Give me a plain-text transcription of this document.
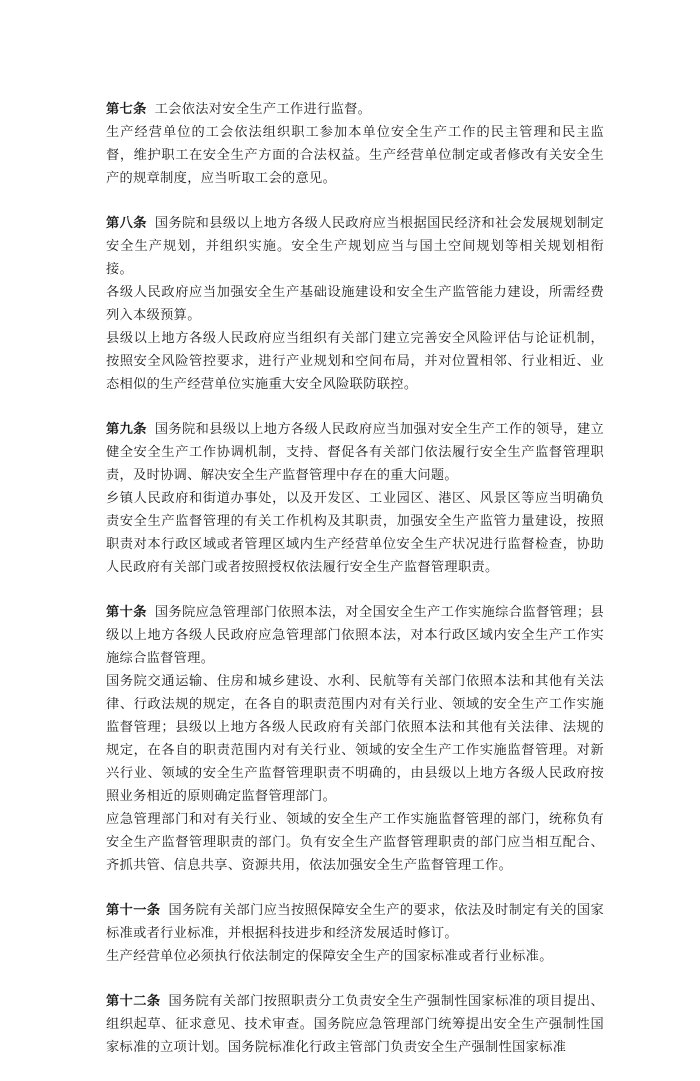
第七条 工会依法对安全生产工作进行监督。

生产经营单位的工会依法组织职工参加本单位安全生产工作的民主管理和民主监督，维护职工在安全生产方面的合法权益。生产经营单位制定或者修改有关安全生产的规章制度，应当听取工会的意见。

第八条 国务院和县级以上地方各级人民政府应当根据国民经济和社会发展规划制定安全生产规划，并组织实施。安全生产规划应当与国土空间规划等相关规划相衔接。

各级人民政府应当加强安全生产基础设施建设和安全生产监管能力建设，所需经费列入本级预算。

县级以上地方各级人民政府应当组织有关部门建立完善安全风险评估与论证机制，按照安全风险管控要求，进行产业规划和空间布局，并对位置相邻、行业相近、业态相似的生产经营单位实施重大安全风险联防联控。

第九条 国务院和县级以上地方各级人民政府应当加强对安全生产工作的领导，建立健全安全生产工作协调机制，支持、督促各有关部门依法履行安全生产监督管理职责，及时协调、解决安全生产监督管理中存在的重大问题。

乡镇人民政府和街道办事处，以及开发区、工业园区、港区、风景区等应当明确负责安全生产监督管理的有关工作机构及其职责，加强安全生产监管力量建设，按照职责对本行政区域或者管理区域内生产经营单位安全生产状况进行监督检查，协助人民政府有关部门或者按照授权依法履行安全生产监督管理职责。

第十条 国务院应急管理部门依照本法，对全国安全生产工作实施综合监督管理；县级以上地方各级人民政府应急管理部门依照本法，对本行政区域内安全生产工作实施综合监督管理。

国务院交通运输、住房和城乡建设、水利、民航等有关部门依照本法和其他有关法律、行政法规的规定，在各自的职责范围内对有关行业、领域的安全生产工作实施监督管理；县级以上地方各级人民政府有关部门依照本法和其他有关法律、法规的规定，在各自的职责范围内对有关行业、领域的安全生产工作实施监督管理。对新兴行业、领域的安全生产监督管理职责不明确的，由县级以上地方各级人民政府按照业务相近的原则确定监督管理部门。

应急管理部门和对有关行业、领域的安全生产工作实施监督管理的部门，统称负有安全生产监督管理职责的部门。负有安全生产监督管理职责的部门应当相互配合、齐抓共管、信息共享、资源共用，依法加强安全生产监督管理工作。

第十一条 国务院有关部门应当按照保障安全生产的要求，依法及时制定有关的国家标准或者行业标准，并根据科技进步和经济发展适时修订。

生产经营单位必须执行依法制定的保障安全生产的国家标准或者行业标准。

第十二条 国务院有关部门按照职责分工负责安全生产强制性国家标准的项目提出、组织起草、征求意见、技术审查。国务院应急管理部门统筹提出安全生产强制性国家标准的立项计划。国务院标准化行政主管部门负责安全生产强制性国家标准
